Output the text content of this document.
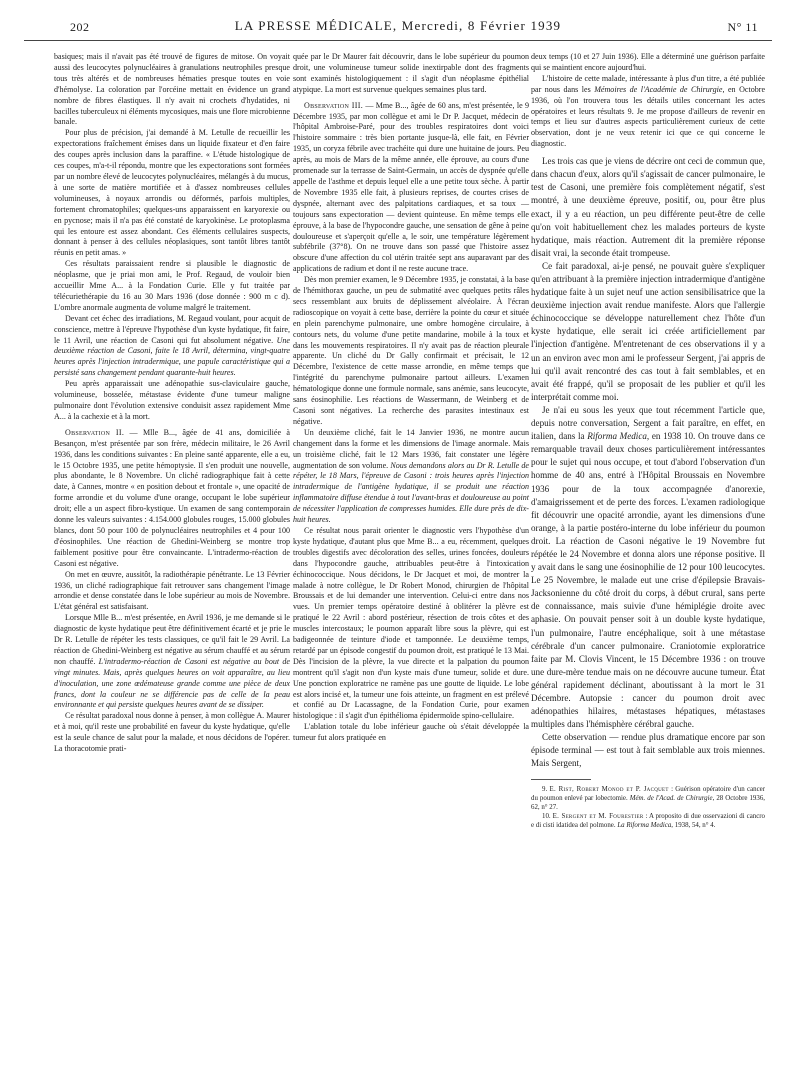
202	LA PRESSE MÉDICALE, Mercredi, 8 Février 1939	N° 11

basiques; mais il n'avait pas été trouvé de figures de mitose. On voyait aussi des leucocytes polynucléaires à granulations neutrophiles presque tous très altérés et de nombreuses hématies presque toutes en voie d'hémolyse. La coloration par l'orcéine mettait en évidence un grand nombre de fibres élastiques. Il n'y avait ni crochets d'hydatides, ni bacilles tuberculeux ni éléments mycosiques, mais une flore microbienne banale.

Pour plus de précision, j'ai demandé à M. Letulle de recueillir les expectorations fraîchement émises dans un liquide fixateur et d'en faire des coupes après inclusion dans la paraffine. « L'étude histologique de ces coupes, m'a-t-il répondu, montre que les expectorations sont formées par un nombre élevé de leucocytes polynucléaires, mélangés à du mucus, à une sorte de matière mortifiée et à d'assez nombreuses cellules volumineuses, à noyaux arrondis ou déformés, parfois multiples, fortement chromatophiles; quelques-uns apparaissent en karyorexie ou en pycnose; mais il n'a pas été constaté de karyokinèse. Le protoplasma qui les entoure est assez abondant. Ces éléments cellulaires suspects, donnant à penser à des cellules néoplasiques, sont tantôt libres tantôt réunis en petit amas. »

Ces résultats paraissaient rendre si plausible le diagnostic de néoplasme, que je priai mon ami, le Prof. Regaud, de vouloir bien accueillir Mme A... à la Fondation Curie. Elle y fut traitée par télécuriethérapie du 16 au 30 Mars 1936 (dose donnée : 900 m c d). L'ombre anormale augmenta de volume malgré le traitement.

Devant cet échec des irradiations, M. Regaud voulant, pour acquit de conscience, mettre à l'épreuve l'hypothèse d'un kyste hydatique, fit faire, le 11 Avril, une réaction de Casoni qui fut absolument négative. Une deuxième réaction de Casoni, faite le 18 Avril, détermina, vingt-quatre heures après l'injection intradermique, une papule caractéristique qui a persisté sans changement pendant quarante-huit heures.

Peu après apparaissait une adénopathie sus-claviculaire gauche, volumineuse, bosselée, métastase évidente d'une tumeur maligne pulmonaire dont l'évolution extensive conduisit assez rapidement Mme A... à la cachexie et à la mort.

Observation II. — Mlle B..., âgée de 41 ans, domiciliée à Besançon, m'est présentée par son frère, médecin militaire, le 26 Avril 1936, dans les conditions suivantes : En pleine santé apparente, elle a eu, le 15 Octobre 1935, une petite hémoptysie. Il s'en produit une nouvelle, plus abondante, le 8 Novembre. Un cliché radiographique fait à cette date, à Cannes, montre « en position debout et frontale », une opacité de forme arrondie et du volume d'une orange, occupant le lobe supérieur droit; elle a un aspect fibro-kystique. Un examen de sang contemporain donne les valeurs suivantes : 4.154.000 globules rouges, 15.000 globules blancs, dont 50 pour 100 de polynucléaires neutrophiles et 4 pour 100 d'éosinophiles. Une réaction de Ghedini-Weinberg se montre trop faiblement positive pour être convaincante. L'intradermo-réaction de Casoni est négative.

On met en œuvre, aussitôt, la radiothérapie pénétrante. Le 13 Février 1936, un cliché radiographique fait retrouver sans changement l'image arrondie et dense constatée dans le lobe supérieur au mois de Novembre. L'état général est satisfaisant.

Lorsque Mlle B... m'est présentée, en Avril 1936, je me demande si le diagnostic de kyste hydatique peut être définitivement écarté et je prie le Dr R. Letulle de répéter les tests classiques, ce qu'il fait le 29 Avril. La réaction de Ghedini-Weinberg est négative au sérum chauffé et au sérum non chauffé. L'intradermo-réaction de Casoni est négative au bout de vingt minutes. Mais, après quelques heures on voit apparaître, au lieu d'inoculation, une zone œdémateuse grande comme une pièce de deux francs, dont la couleur ne se différencie pas de celle de la peau environnante et qui persiste quelques heures avant de se dissiper.

Ce résultat paradoxal nous donne à penser, à mon collègue A. Maurer et à moi, qu'il reste une probabilité en faveur du kyste hydatique, qu'elle est la seule chance de salut pour la malade, et nous décidons de l'opérer. La thoracotomie prati-

quée par le Dr Maurer fait découvrir, dans le lobe supérieur du poumon droit, une volumineuse tumeur solide inextirpable dont des fragments sont examinés histologiquement : il s'agit d'un néoplasme épithélial atypique. La mort est survenue quelques semaines plus tard.

Observation III. — Mme B..., âgée de 60 ans, m'est présentée, le 9 Décembre 1935, par mon collègue et ami le Dr P. Jacquet, médecin de l'hôpital Ambroise-Paré, pour des troubles respiratoires dont voici l'histoire sommaire : très bien portante jusque-là, elle fait, en Février 1935, un coryza fébrile avec trachéite qui dure une huitaine de jours. Peu après, au mois de Mars de la même année, elle éprouve, au cours d'une promenade sur la terrasse de Saint-Germain, un accès de dyspnée qu'elle appelle de l'asthme et depuis lequel elle a une petite toux sèche. À partir de Novembre 1935 elle fait, à plusieurs reprises, de courtes crises de dyspnée, alternant avec des palpitations cardiaques, et sa toux — toujours sans expectoration — devient quinteuse. En même temps elle éprouve, à la base de l'hypocondre gauche, une sensation de gêne à peine douloureuse et s'aperçoit qu'elle a, le soir, une température légèrement subfébrile (37°8). On ne trouve dans son passé que l'histoire assez obscure d'une affection du col utérin traitée sept ans auparavant par des applications de radium et dont il ne reste aucune trace.

Dès mon premier examen, le 9 Décembre 1935, je constatai, à la base de l'hémithorax gauche, un peu de submatité avec quelques petits râles secs ressemblant aux bruits de déplissement alvéolaire. À l'écran radioscopique on voyait à cette base, derrière la pointe du cœur et située en plein parenchyme pulmonaire, une ombre homogène circulaire, à contours nets, du volume d'une petite mandarine, mobile à la toux et dans les mouvements respiratoires. Il n'y avait pas de réaction pleurale apparente. Un cliché du Dr Gally confirmait et précisait, le 12 Décembre, l'existence de cette masse arrondie, en même temps que l'intégrité du parenchyme pulmonaire partout ailleurs. L'examen hématologique donne une formule normale, sans anémie, sans leucocyte, sans éosinophilie. Les réactions de Wassermann, de Weinberg et de Casoni sont négatives. La recherche des parasites intestinaux est négative.

Un deuxième cliché, fait le 14 Janvier 1936, ne montre aucun changement dans la forme et les dimensions de l'image anormale. Mais un troisième cliché, fait le 12 Mars 1936, fait constater une légère augmentation de son volume. Nous demandons alors au Dr R. Letulle de répéter, le 18 Mars, l'épreuve de Casoni : trois heures après l'injection intradermique de l'antigène hydatique, il se produit une réaction inflammatoire diffuse étendue à tout l'avant-bras et douloureuse au point de nécessiter l'application de compresses humides. Elle dure près de dix-huit heures.

Ce résultat nous parait orienter le diagnostic vers l'hypothèse d'un kyste hydatique, d'autant plus que Mme B... a eu, récemment, quelques troubles digestifs avec décoloration des selles, urines foncées, douleurs dans l'hypocondre gauche, attribuables peut-être à l'intoxication échinococcique. Nous décidons, le Dr Jacquet et moi, de montrer la malade à notre collègue, le Dr Robert Monod, chirurgien de l'hôpital Broussais et de lui demander une intervention. Celui-ci entre dans nos vues. Un premier temps opératoire destiné à oblitérer la plèvre est pratiqué le 22 Avril : abord postérieur, résection de trois côtes et des muscles intercostaux; le poumon apparaît libre sous la plèvre, qui est badigeonnée de teinture d'iode et tamponnée. Le deuxième temps, retardé par un épisode congestif du poumon droit, est pratiqué le 13 Mai. Dès l'incision de la plèvre, la vue directe et la palpation du poumon montrent qu'il s'agit non d'un kyste mais d'une tumeur, solide et dure. Une ponction exploratrice ne ramène pas une goutte de liquide. Le lobe est alors incisé et, la tumeur une fois atteinte, un fragment en est prélevé et confié au Dr Lacassagne, de la Fondation Curie, pour examen histologique : il s'agit d'un épithélioma épidermoïde spino-cellulaire.

L'ablation totale du lobe inférieur gauche où s'était développée la tumeur fut alors pratiquée en

deux temps (10 et 27 Juin 1936). Elle a déterminé une guérison parfaite qui se maintient encore aujourd'hui.

L'histoire de cette malade, intéressante à plus d'un titre, a été publiée par nous dans les Mémoires de l'Académie de Chirurgie, en Octobre 1936, où l'on trouvera tous les détails utiles concernant les actes opératoires et leurs résultats 9. Je me propose d'ailleurs de revenir en temps et lieu sur d'autres aspects particulièrement curieux de cette observation, dont je ne veux retenir ici que ce qui concerne le diagnostic.

Les trois cas que je viens de décrire ont ceci de commun que, dans chacun d'eux, alors qu'il s'agissait de cancer pulmonaire, le test de Casoni, une première fois complètement négatif, s'est montré, à une deuxième épreuve, positif, ou, pour être plus exact, il y a eu réaction, un peu différente peut-être de celle qu'on voit habituellement chez les malades porteurs de kyste hydatique, mais réaction. Autrement dit la première réponse disait vrai, la seconde était trompeuse.

Ce fait paradoxal, ai-je pensé, ne pouvait guère s'expliquer qu'en attribuant à la première injection intradermique d'antigène hydatique faite à un sujet neuf une action sensibilisatrice que la deuxième injection avait rendue manifeste. Alors que l'allergie échinococcique se développe naturellement chez l'hôte d'un kyste hydatique, elle serait ici créée artificiellement par l'injection d'antigène. M'entretenant de ces observations il y a un an environ avec mon ami le professeur Sergent, j'ai appris de lui qu'il avait rencontré des cas tout à fait semblables, et en avait été frappé, qu'il se proposait de les publier et qu'il les interprétait comme moi.

Je n'ai eu sous les yeux que tout récemment l'article que, depuis notre conversation, Sergent a fait paraître, en effet, en italien, dans la Riforma Medica, en 1938 10. On trouve dans ce remarquable travail deux choses particulièrement intéressantes pour le sujet qui nous occupe, et tout d'abord l'observation d'un homme de 40 ans, entré à l'Hôpital Broussais en Novembre 1936 pour de la toux accompagnée d'anorexie, d'amaigrissement et de perte des forces. L'examen radiologique fit découvrir une opacité arrondie, ayant les dimensions d'une orange, à la partie postéro-interne du lobe inférieur du poumon droit. La réaction de Casoni négative le 19 Novembre fut répétée le 24 Novembre et donna alors une réponse positive. Il y avait dans le sang une éosinophilie de 12 pour 100 leucocytes. Le 25 Novembre, le malade eut une crise d'épilepsie Bravais-Jacksonienne du côté droit du corps, à début crural, sans perte de connaissance, mais suivie d'une hémiplégie droite avec aphasie. On pouvait penser soit à un double kyste hydatique, l'un pulmonaire, l'autre encéphalique, soit à une métastase cérébrale d'un cancer pulmonaire. Craniotomie exploratrice faite par M. Clovis Vincent, le 15 Décembre 1936 : on trouve une dure-mère tendue mais on ne découvre aucune tumeur. État général rapidement déclinant, aboutissant à la mort le 31 Décembre. Autopsie : cancer du poumon droit avec adénopathies hilaires, métastases hépatiques, métastases multiples dans l'hémisphère cérébral gauche.

Cette observation — rendue plus dramatique encore par son épisode terminal — est tout à fait semblable aux trois miennes. Mais Sergent,

9. E. Rist, Robert Monod et P. Jacquet : Guérison opératoire d'un cancer du poumon enlevé par lobectomie. Mém. de l'Acad. de Chirurgie, 28 Octobre 1936, 62, n° 27.

10. E. Sergent et M. Fourestier : A proposito di due osservazioni di cancro e di cisti idatidea del polmone. La Riforma Medica, 1938, 54, n° 4.
